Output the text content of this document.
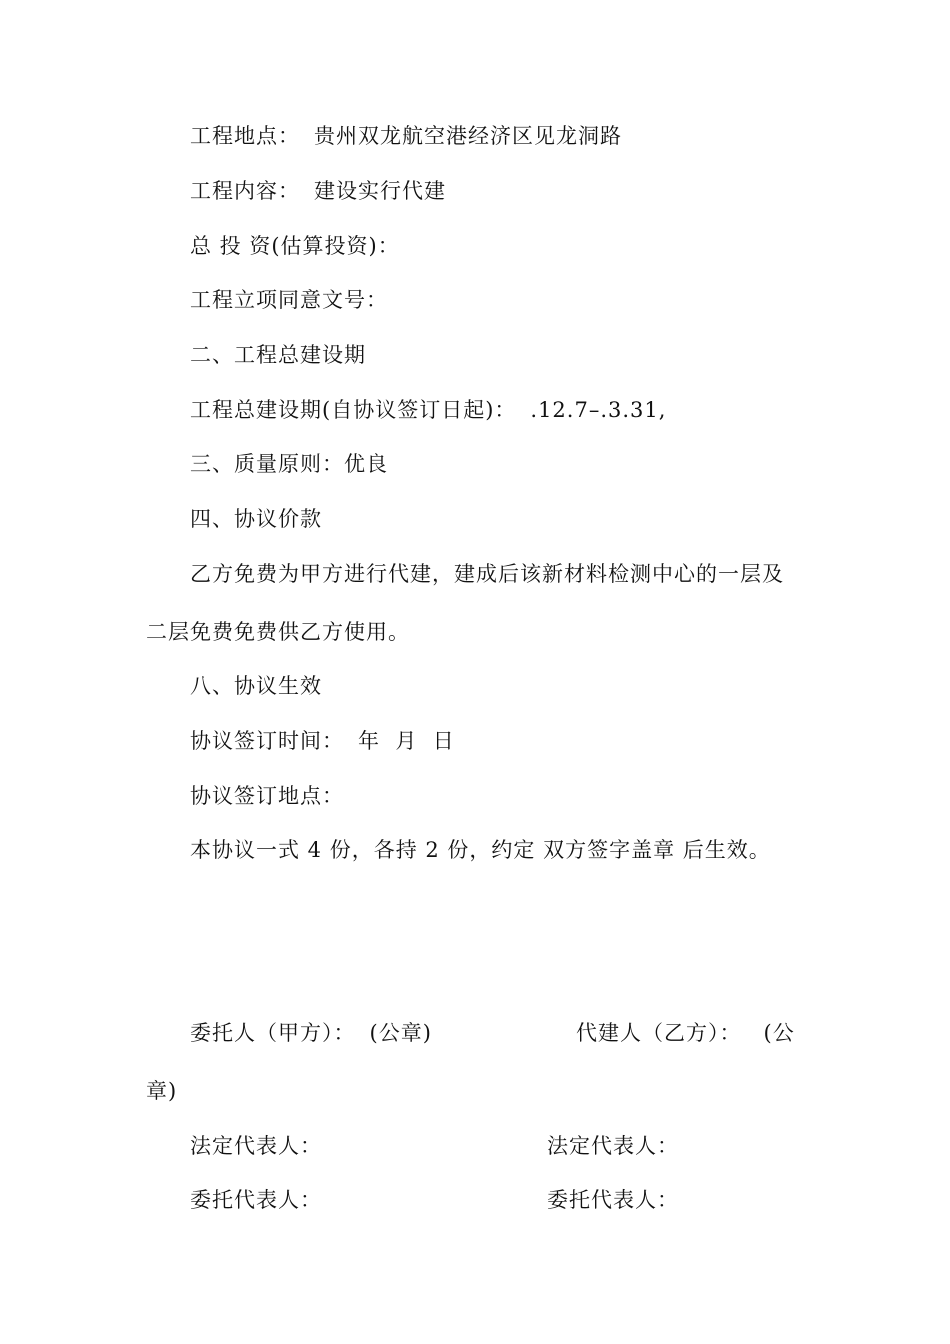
工程地点： 贵州双龙航空港经济区见龙洞路
工程内容： 建设实行代建
总 投 资(估算投资)：
工程立项同意文号：
二、工程总建设期
工程总建设期(自协议签订日起)： .12.7–.3.31,
三、质量原则：优良
四、协议价款
乙方免费为甲方进行代建，建成后该新材料检测中心的一层及
二层免费免费供乙方使用。
八、协议生效
协议签订时间： 年  月  日
协议签订地点：
本协议一式 4 份，各持 2 份，约定 双方签字盖章 后生效。
委托人（甲方）： (公章)	代建人（乙方）： (公
章)
法定代表人：	法定代表人：
委托代表人：	委托代表人：
